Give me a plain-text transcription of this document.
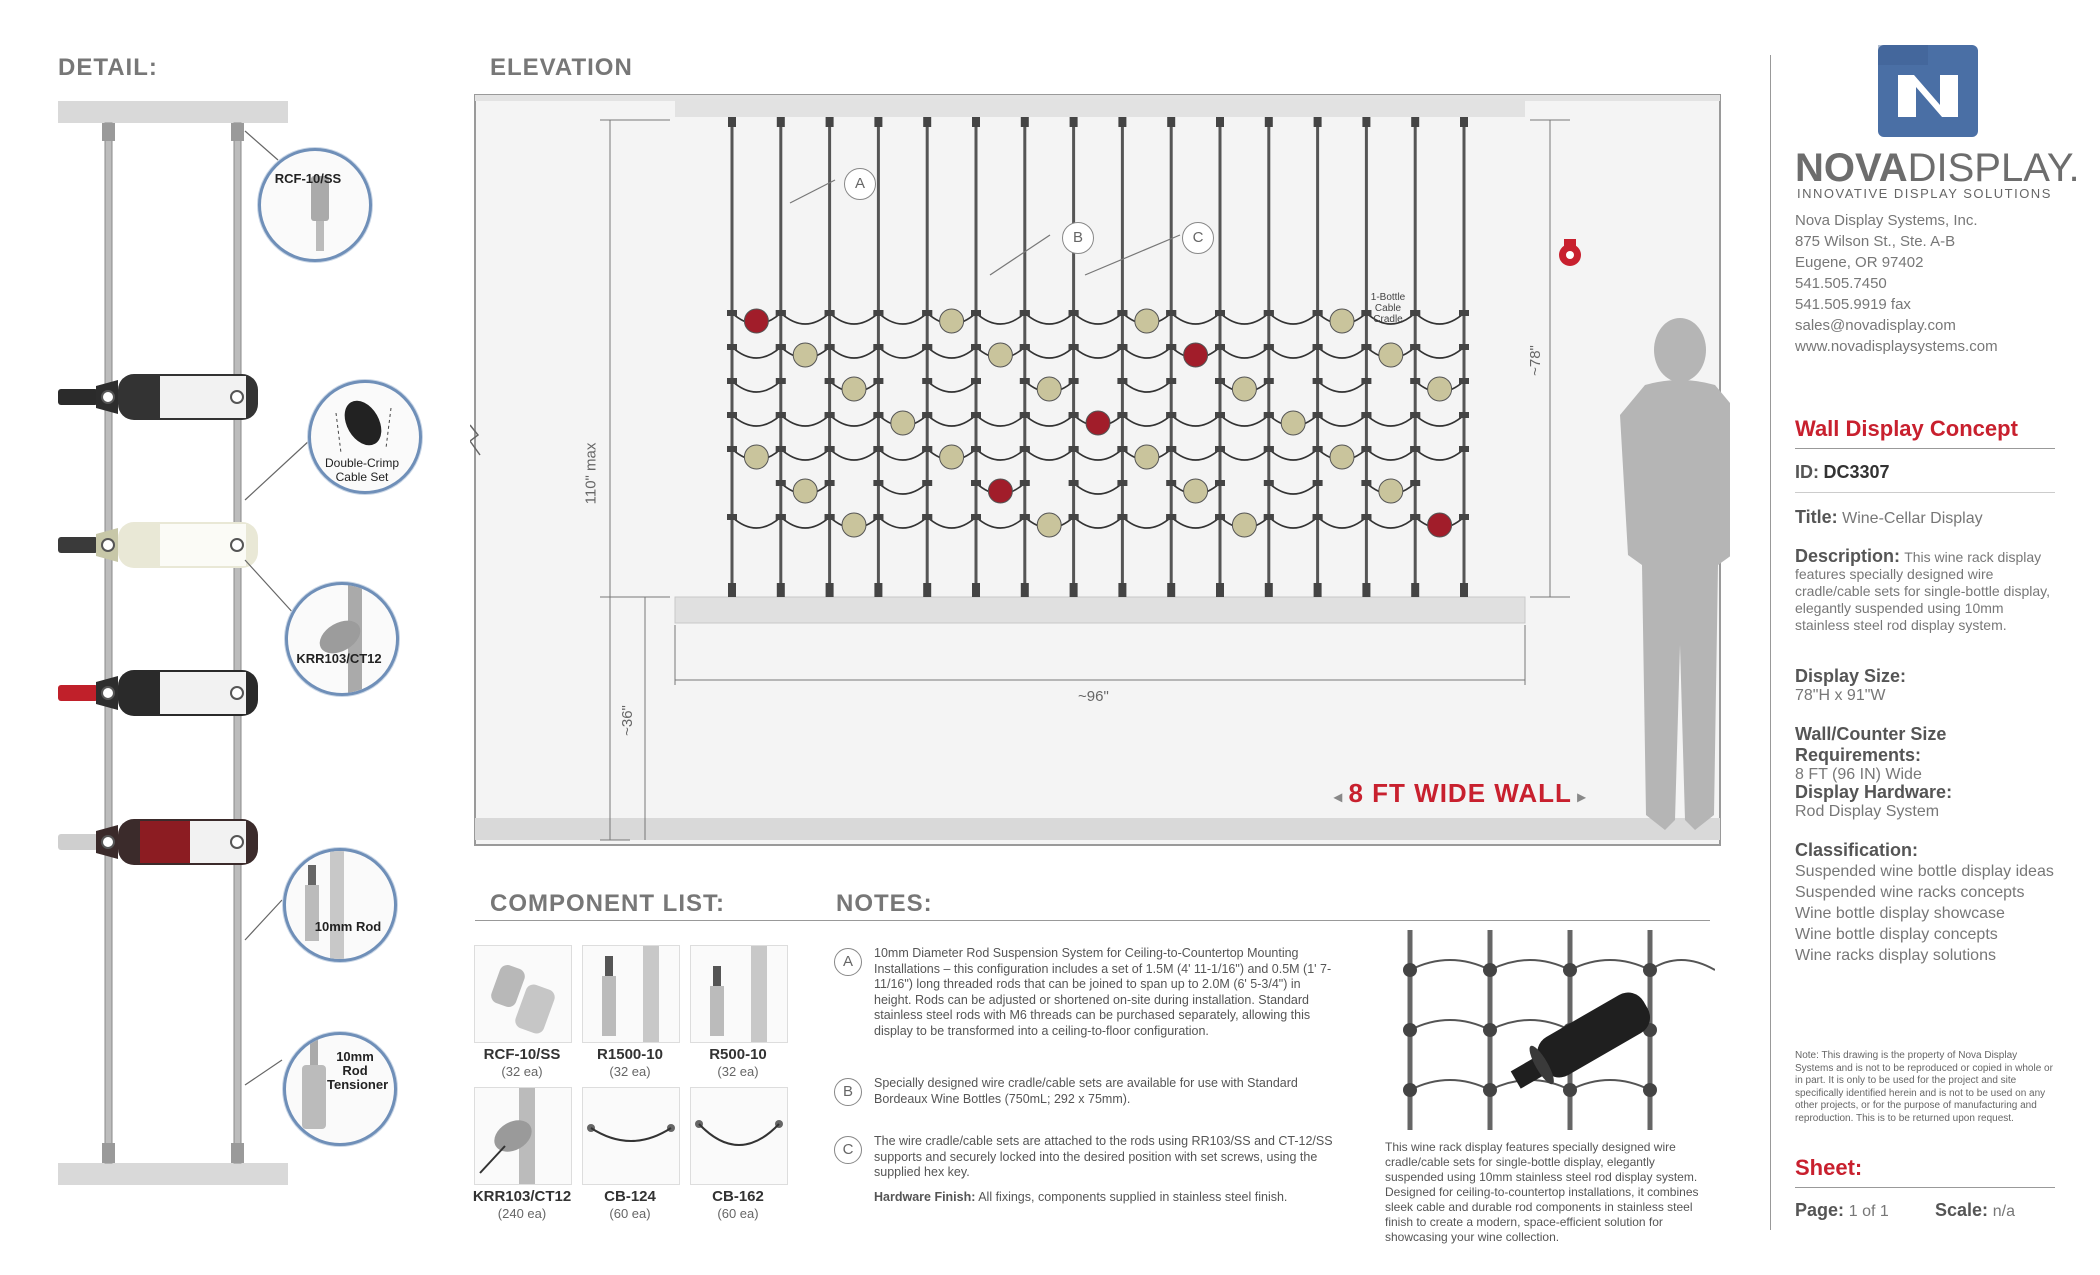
DETAIL:
RCF-10/SS
Double-Crimp Cable Set
KRR103/CT12
10mm Rod
10mm Rod Tensioner
ELEVATION
A
B	C
1-Bottle Cable Cradle
110" max
~78"
~36"
~96"
◂ 8 FT WIDE WALL ▸
COMPONENT LIST:
RCF-10/SS
(32 ea)
R1500-10
(32 ea)
R500-10
(32 ea)
KRR103/CT12
(240 ea)
CB-124
(60 ea)
CB-162
(60 ea)
NOTES:
A	10mm Diameter Rod Suspension System for Ceiling-to-Countertop Mounting Installations – this configuration includes a set of 1.5M (4' 11-1/16") and 0.5M (1' 7-11/16") long threaded rods that can be joined to span up to 2.0M (6' 5-3/4") in height. Rods can be adjusted or shortened on-site during installation. Standard stainless steel rods with M6 threads can be purchased separately, allowing this display to be transformed into a ceiling-to-floor configuration.
B	Specially designed wire cradle/cable sets are available for use with Standard Bordeaux Wine Bottles (750mL; 292 x 75mm).
C	The wire cradle/cable sets are attached to the rods using RR103/SS and CT-12/SS supports and securely locked into the desired position with set screws, using the supplied hex key.
Hardware Finish: All fixings, components supplied in stainless steel finish.
This wine rack display features specially designed wire cradle/cable sets for single-bottle display, elegantly suspended using 10mm stainless steel rod display system. Designed for ceiling-to-countertop installations, it combines sleek cable and durable rod components in stainless steel finish to create a modern, space-efficient solution for showcasing your wine collection.
NOVADISPLAY.
INNOVATIVE DISPLAY SOLUTIONS
Nova Display Systems, Inc.
875 Wilson St., Ste. A-B
Eugene, OR 97402
541.505.7450
541.505.9919 fax
sales@novadisplay.com
www.novadisplaysystems.com
Wall Display Concept
ID: DC3307
Title: Wine-Cellar Display
Description: This wine rack display features specially designed wire cradle/cable sets for single-bottle display, elegantly suspended using 10mm stainless steel rod display system.
Display Size:
78"H x 91"W
Wall/Counter Size Requirements:
8 FT (96 IN) Wide
Display Hardware:
Rod Display System
Classification:
Suspended wine bottle display ideas
Suspended wine racks concepts
Wine bottle display showcase
Wine bottle display concepts
Wine racks display solutions
Note: This drawing is the property of Nova Display Systems and is not to be reproduced or copied in whole or in part. It is only to be used for the project and site specifically identified herein and is not to be used on any other projects, or for the purpose of manufacturing and reproduction. This is to be returned upon request.
Sheet:
Page: 1 of 1	Scale: n/a
